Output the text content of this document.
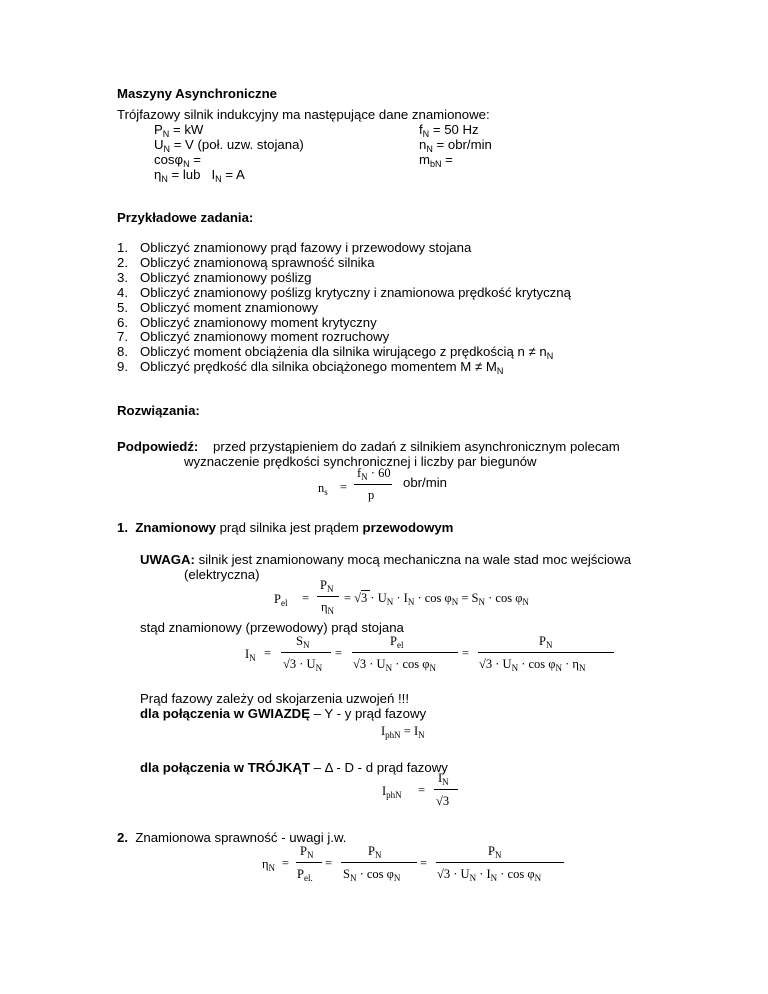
Maszyny Asynchroniczne
Trójfazowy silnik indukcyjny ma następujące dane znamionowe:
$P_N$ = kW
$U_N = V$ (poł. uzw. stojana)
cosφ$_N$ =
$\eta_N$ = lub $I_N = A$
$f_N = 50$ Hz
$n_N = obr/\min$
$m_{bN}$ =
Przykładowe zadania:
1. Obliczyć znamionowy prąd fazowy i przewodowy stojana
2. Obliczyć znamionową sprawność silnika
3. Obliczyć znamionowy poślizg
4. Obliczyć znamionowy poślizg krytyczny i znamionowa prędkość krytyczną
5. Obliczyć moment znamionowy
6. Obliczyć znamionowy moment krytyczny
7. Obliczyć znamionowy moment rozruchowy
8. Obliczyć moment obciążenia dla silnika wirującego z prędkością $n \ne n_N$
9. Obliczyć prędkość dla silnika obciążonego momentem $M \ne M_N$
Rozwiązania:
Podpowiedź: przed przystąpieniem do zadań z silnikiem asynchronicznym polecam
wyznaczenie prędkości synchronicznej i liczby par biegunów
$n_s$ =
$f_N \cdot 60$
p
obr/min
1. Znamionowy prąd silnika jest prądem przewodowym
UWAGA: silnik jest znamionowany mocą mechaniczna na wale stad moc wejściowa
(elektryczna)
$P_{el}$ =
$P_N$
$\eta_N$
= $√3 \cdot U_N \cdot I_N \cdot \cos \varphi_N = S_N \cdot \cos \varphi_N$
stąd znamionowy (przewodowy) prąd stojana
$I_N$ =
$S_N$
$√3 \cdot U_N$
=
$P_{el}$
$√3 \cdot U_N \cdot \cos \varphi_N$
=
$P_N$
$√3 \cdot U_N \cdot \cos \varphi_N \cdot \eta_N$
Prąd fazowy zależy od skojarzenia uzwojeń !!!
dla połączenia w GWIAZDĘ – Y - y prąd fazowy
$I_{phN} = I_N$
dla połączenia w TRÓJKĄT – Δ - D - d prąd fazowy
$I_{phN}$ =
$I_N$
√3
2. Znamionowa sprawność - uwagi j.w.
$\eta_N$ =
$P_N$
$P_{el.}$
=
$P_N$
$S_N \cdot \cos \varphi_N$
=
$P_N$
$√3 \cdot U_N \cdot I_N \cdot \cos \varphi_N$
